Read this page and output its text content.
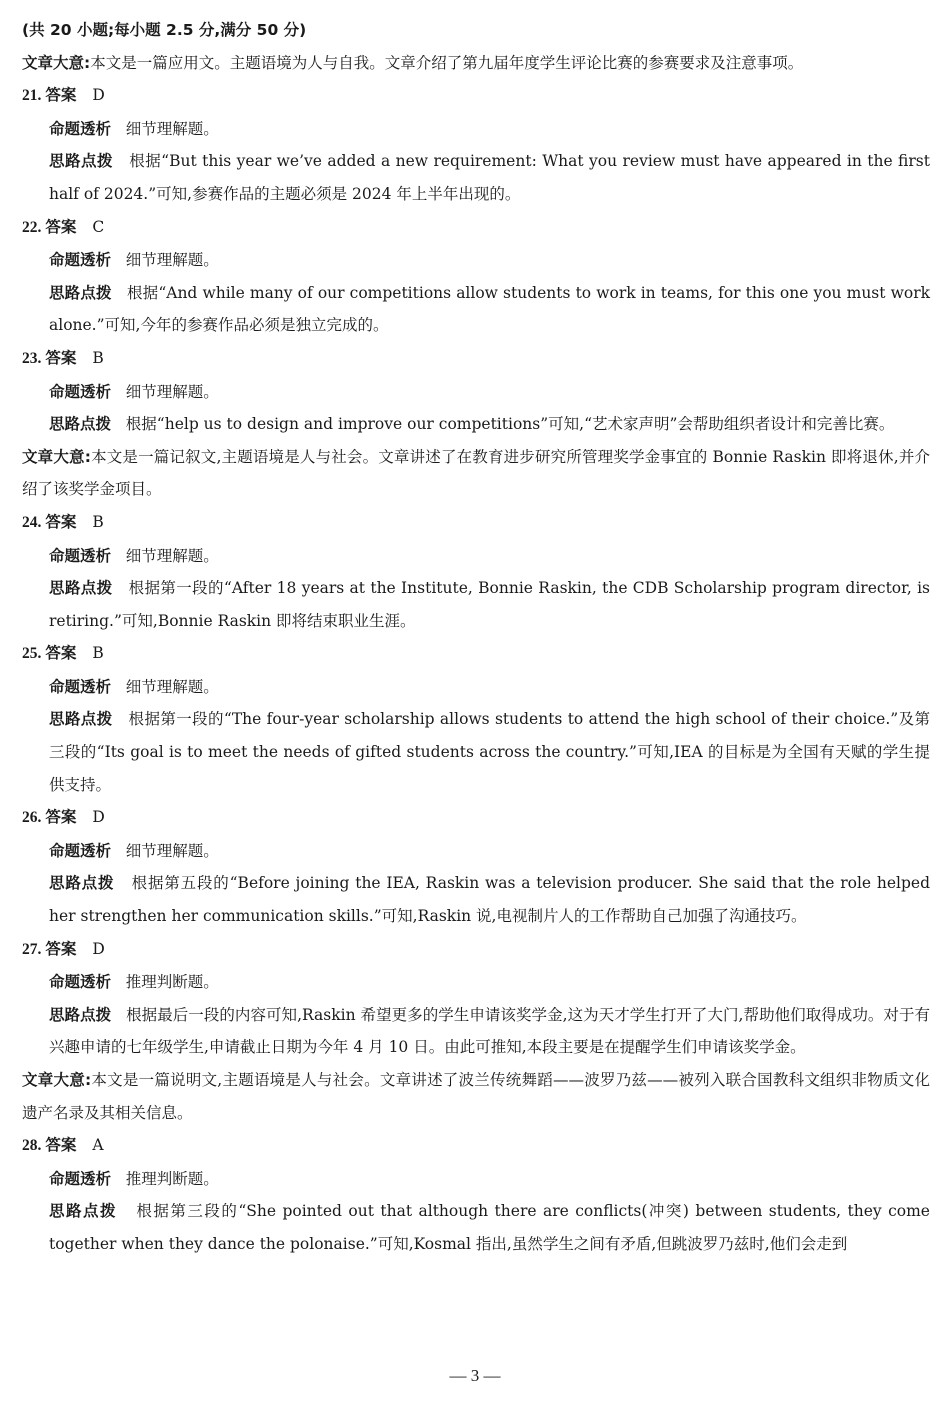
(共 20 小题;每小题 2.5 分,满分 50 分)
文章大意:本文是一篇应用文。主题语境为人与自我。文章介绍了第九届年度学生评论比赛的参赛要求及注意事项。
21. 答案 D
命题透析 细节理解题。
思路点拨 根据“But this year we’ve added a new requirement: What you review must have appeared in the first half of 2024.”可知,参赛作品的主题必须是 2024 年上半年出现的。
22. 答案 C
命题透析 细节理解题。
思路点拨 根据“And while many of our competitions allow students to work in teams, for this one you must work alone.”可知,今年的参赛作品必须是独立完成的。
23. 答案 B
命题透析 细节理解题。
思路点拨 根据“help us to design and improve our competitions”可知,“艺术家声明”会帮助组织者设计和完善比赛。
文章大意:本文是一篇记叙文,主题语境是人与社会。文章讲述了在教育进步研究所管理奖学金事宜的 Bonnie Raskin 即将退休,并介绍了该奖学金项目。
24. 答案 B
命题透析 细节理解题。
思路点拨 根据第一段的“After 18 years at the Institute, Bonnie Raskin, the CDB Scholarship program director, is retiring.”可知,Bonnie Raskin 即将结束职业生涯。
25. 答案 B
命题透析 细节理解题。
思路点拨 根据第一段的“The four-year scholarship allows students to attend the high school of their choice.”及第三段的“Its goal is to meet the needs of gifted students across the country.”可知,IEA 的目标是为全国有天赋的学生提供支持。
26. 答案 D
命题透析 细节理解题。
思路点拨 根据第五段的“Before joining the IEA, Raskin was a television producer. She said that the role helped her strengthen her communication skills.”可知,Raskin 说,电视制片人的工作帮助自己加强了沟通技巧。
27. 答案 D
命题透析 推理判断题。
思路点拨 根据最后一段的内容可知,Raskin 希望更多的学生申请该奖学金,这为天才学生打开了大门,帮助他们取得成功。对于有兴趣申请的七年级学生,申请截止日期为今年 4 月 10 日。由此可推知,本段主要是在提醒学生们申请该奖学金。
文章大意:本文是一篇说明文,主题语境是人与社会。文章讲述了波兰传统舞蹈——波罗乃兹——被列入联合国教科文组织非物质文化遗产名录及其相关信息。
28. 答案 A
命题透析 推理判断题。
思路点拨 根据第三段的“She pointed out that although there are conflicts(冲突) between students, they come together when they dance the polonaise.”可知,Kosmal 指出,虽然学生之间有矛盾,但跳波罗乃兹时,他们会走到
— 3 —
